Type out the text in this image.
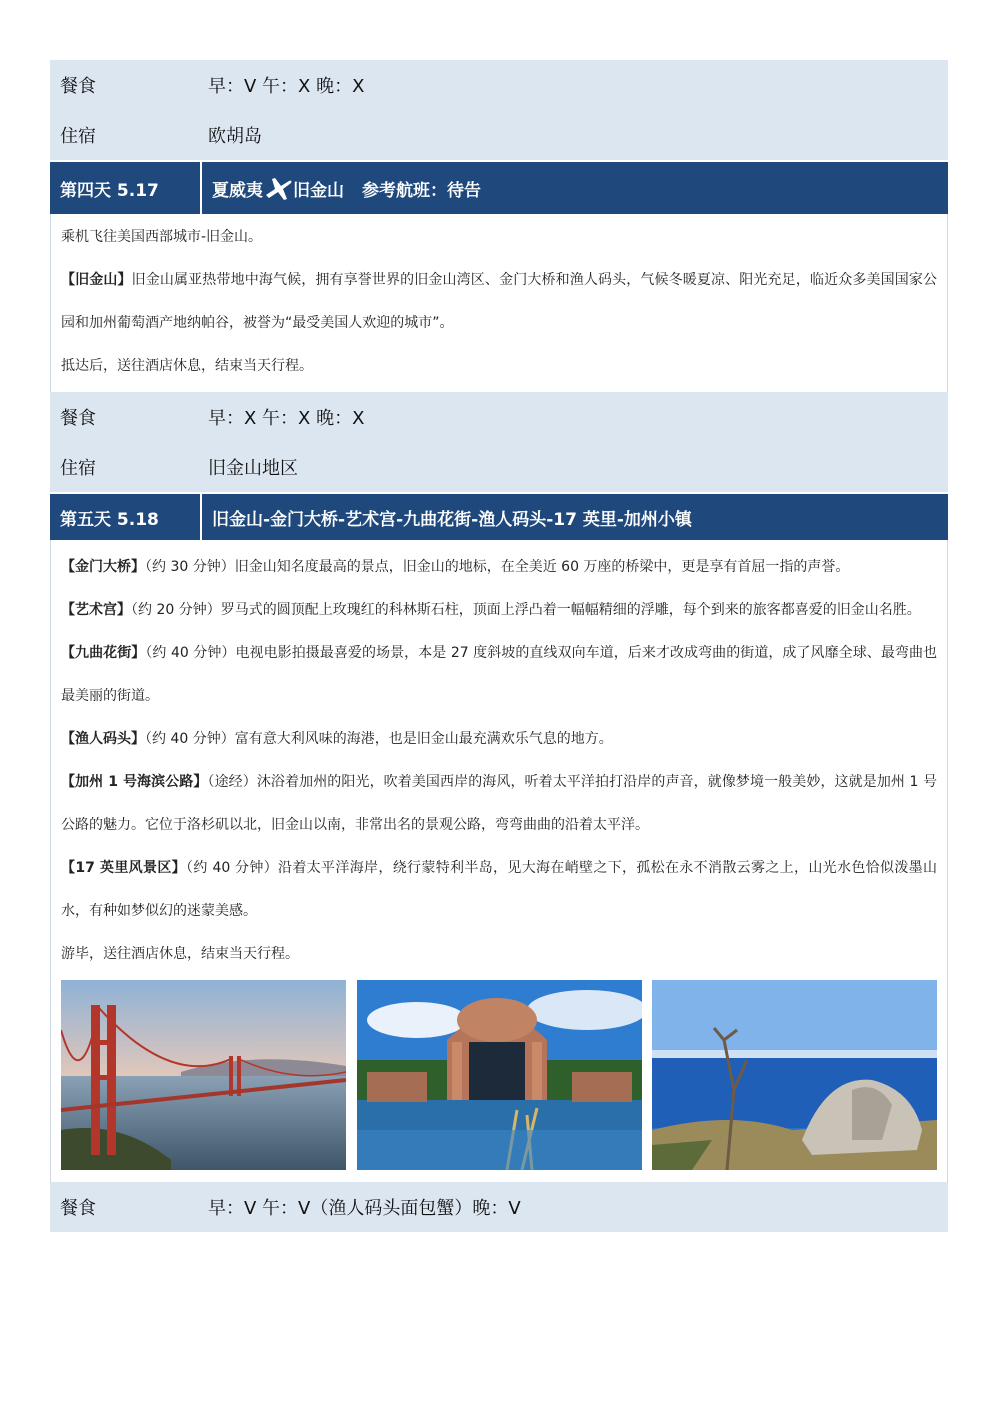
餐食	早：V 午：X 晚：X
住宿	欧胡岛
第四天 5.17	夏威夷 旧金山 参考航班：待告

乘机飞往美国西部城市-旧金山。

【旧金山】旧金山属亚热带地中海气候，拥有享誉世界的旧金山湾区、金门大桥和渔人码头，气候冬暖夏凉、阳光充足，临近众多美国国家公园和加州葡萄酒产地纳帕谷，被誉为“最受美国人欢迎的城市”。

抵达后，送往酒店休息，结束当天行程。

餐食	早：X 午：X 晚：X
住宿	旧金山地区
第五天 5.18	旧金山-金门大桥-艺术宫-九曲花街-渔人码头-17 英里-加州小镇

【金门大桥】（约 30 分钟）旧金山知名度最高的景点，旧金山的地标，在全美近 60 万座的桥梁中，更是享有首屈一指的声誉。

【艺术宫】（约 20 分钟）罗马式的圆顶配上玫瑰红的科林斯石柱，顶面上浮凸着一幅幅精细的浮雕，每个到来的旅客都喜爱的旧金山名胜。

【九曲花街】（约 40 分钟）电视电影拍摄最喜爱的场景，本是 27 度斜坡的直线双向车道，后来才改成弯曲的街道，成了风靡全球、最弯曲也最美丽的街道。

【渔人码头】（约 40 分钟）富有意大利风味的海港，也是旧金山最充满欢乐气息的地方。

【加州 1 号海滨公路】（途经）沐浴着加州的阳光，吹着美国西岸的海风，听着太平洋拍打沿岸的声音，就像梦境一般美妙，这就是加州 1 号公路的魅力。它位于洛杉矶以北，旧金山以南，非常出名的景观公路，弯弯曲曲的沿着太平洋。

【17 英里风景区】（约 40 分钟）沿着太平洋海岸，绕行蒙特利半岛，见大海在峭壁之下，孤松在永不消散云雾之上，山光水色恰似泼墨山水，有种如梦似幻的迷蒙美感。

游毕，送往酒店休息，结束当天行程。

餐食	早：V 午：V（渔人码头面包蟹）晚：V
